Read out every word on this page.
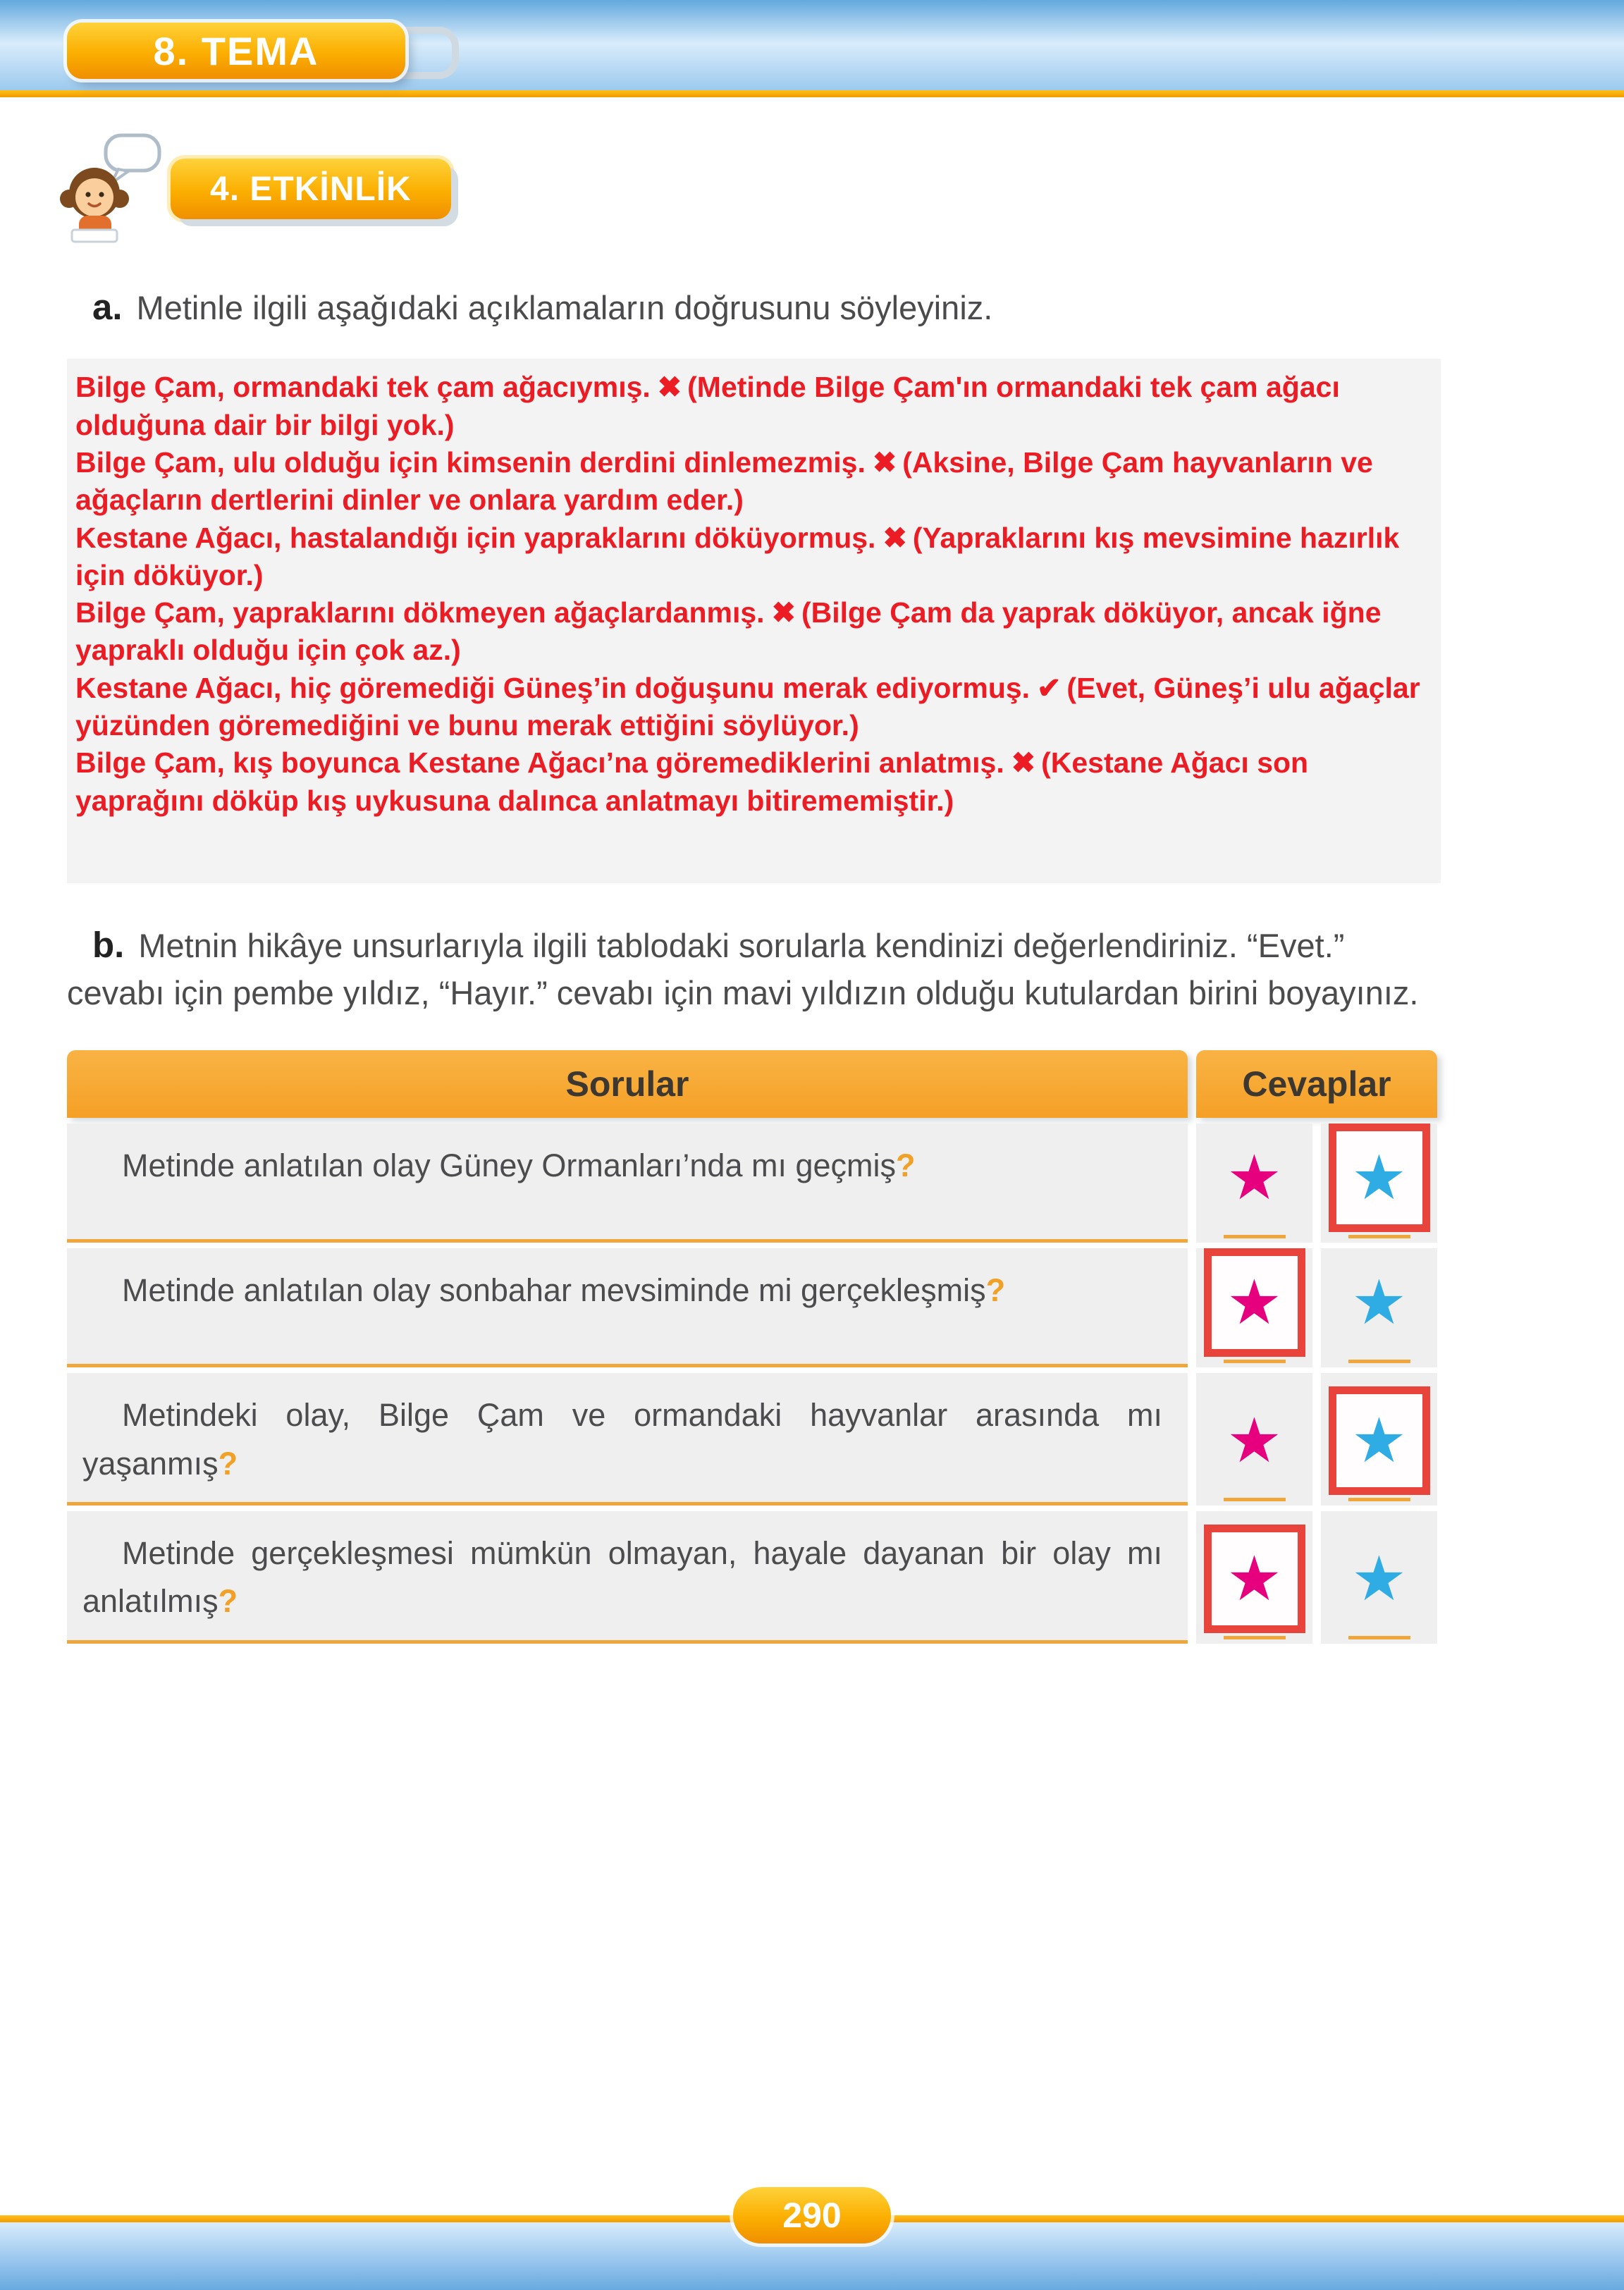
8. TEMA
4. ETKİNLİK

a. Metinle ilgili aşağıdaki açıklamaların doğrusunu söyleyiniz.

Bilge Çam, ormandaki tek çam ağacıymış. ✖ (Metinde Bilge Çam'ın ormandaki tek çam ağacı olduğuna dair bir bilgi yok.)

Bilge Çam, ulu olduğu için kimsenin derdini dinlemezmiş. ✖ (Aksine, Bilge Çam hayvanların ve ağaçların dertlerini dinler ve onlara yardım eder.)

Kestane Ağacı, hastalandığı için yapraklarını döküyormuş. ✖ (Yapraklarını kış mevsimine hazırlık için döküyor.)

Bilge Çam, yapraklarını dökmeyen ağaçlardanmış. ✖ (Bilge Çam da yaprak döküyor, ancak iğne yapraklı olduğu için çok az.)

Kestane Ağacı, hiç göremediği Güneş’in doğuşunu merak ediyormuş. ✔ (Evet, Güneş’i ulu ağaçlar yüzünden göremediğini ve bunu merak ettiğini söylüyor.)

Bilge Çam, kış boyunca Kestane Ağacı’na göremediklerini anlatmış. ✖ (Kestane Ağacı son yaprağını döküp kış uykusuna dalınca anlatmayı bitirememiştir.)

b. Metnin hikâye unsurlarıyla ilgili tablodaki sorularla kendinizi değerlendiriniz. “Evet.” cevabı için pembe yıldız, “Hayır.” cevabı için mavi yıldızın olduğu kutulardan birini boyayınız.

Sorular	Cevaplar

Metinde anlatılan olay Güney Ormanları’nda mı geçmiş?	★ ★

Metinde anlatılan olay sonbahar mevsiminde mi gerçekleşmiş?	★ ★

Metindeki olay, Bilge Çam ve ormandaki hayvanlar arasında mı yaşanmış?	★ ★

Metinde gerçekleşmesi mümkün olmayan, hayale dayanan bir olay mı anlatılmış?	★ ★
290
